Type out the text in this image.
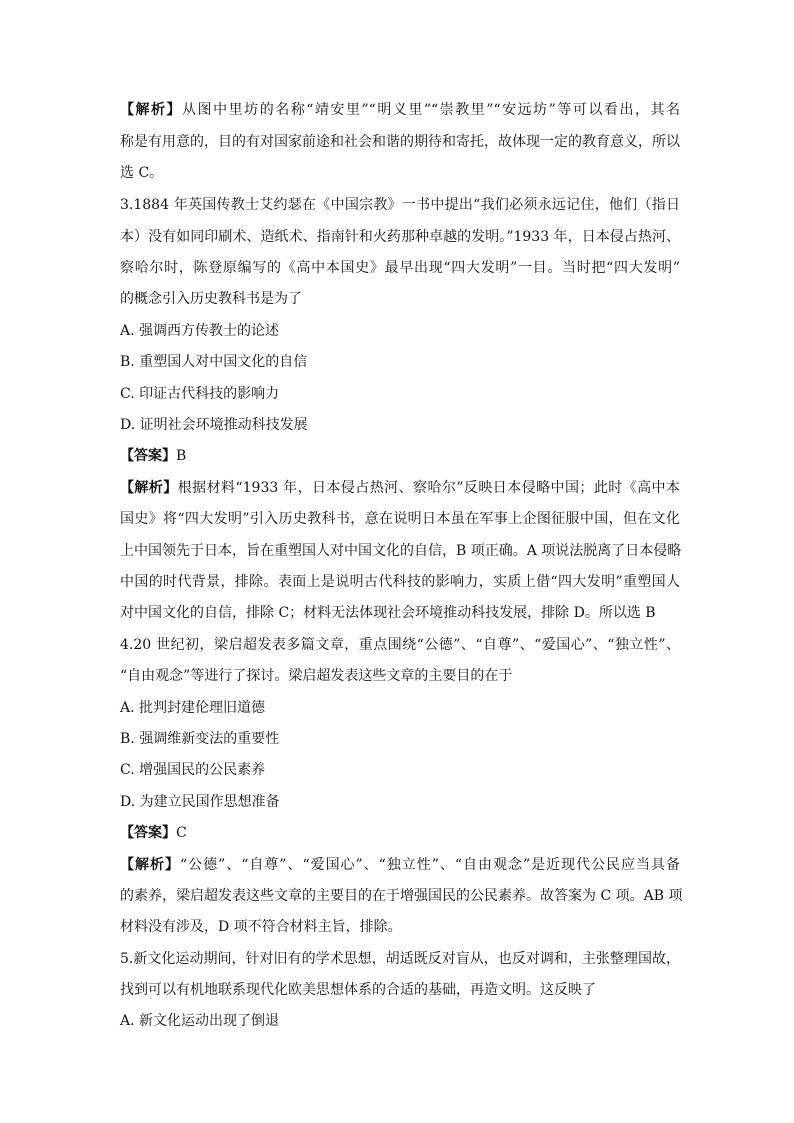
【解析】从图中里坊的名称“靖安里”“明义里”“崇教里”“安远坊”等可以看出，其名
称是有用意的，目的有对国家前途和社会和谐的期待和寄托，故体现一定的教育意义，所以
选 C。
3.1884 年英国传教士艾约瑟在《中国宗教》一书中提出“我们必须永远记住，他们（指日
本）没有如同印刷术、造纸术、指南针和火药那种卓越的发明。”1933 年，日本侵占热河、
察哈尔时，陈登原编写的《高中本国史》最早出现“四大发明”一目。当时把“四大发明”
的概念引入历史教科书是为了
A. 强调西方传教士的论述
B. 重塑国人对中国文化的自信
C. 印证古代科技的影响力
D. 证明社会环境推动科技发展
【答案】B
【解析】根据材料“1933 年，日本侵占热河、察哈尔”反映日本侵略中国；此时《高中本
国史》将“四大发明”引入历史教科书，意在说明日本虽在军事上企图征服中国，但在文化
上中国领先于日本，旨在重塑国人对中国文化的自信，B 项正确。A 项说法脱离了日本侵略
中国的时代背景，排除。表面上是说明古代科技的影响力，实质上借“四大发明”重塑国人
对中国文化的自信，排除 C；材料无法体现社会环境推动科技发展，排除 D。所以选 B
4.20 世纪初，梁启超发表多篇文章，重点围绕“公德”、“自尊”、“爱国心”、“独立性”、
“自由观念”等进行了探讨。梁启超发表这些文章的主要目的在于
A. 批判封建伦理旧道德
B. 强调维新变法的重要性
C. 增强国民的公民素养
D. 为建立民国作思想准备
【答案】C
【解析】“公德”、“自尊”、“爱国心”、“独立性”、“自由观念”是近现代公民应当具备
的素养，梁启超发表这些文章的主要目的在于增强国民的公民素养。故答案为 C 项。AB 项
材料没有涉及，D 项不符合材料主旨，排除。
5.新文化运动期间，针对旧有的学术思想，胡适既反对盲从，也反对调和，主张整理国故，
找到可以有机地联系现代化欧美思想体系的合适的基础，再造文明。这反映了
A. 新文化运动出现了倒退
